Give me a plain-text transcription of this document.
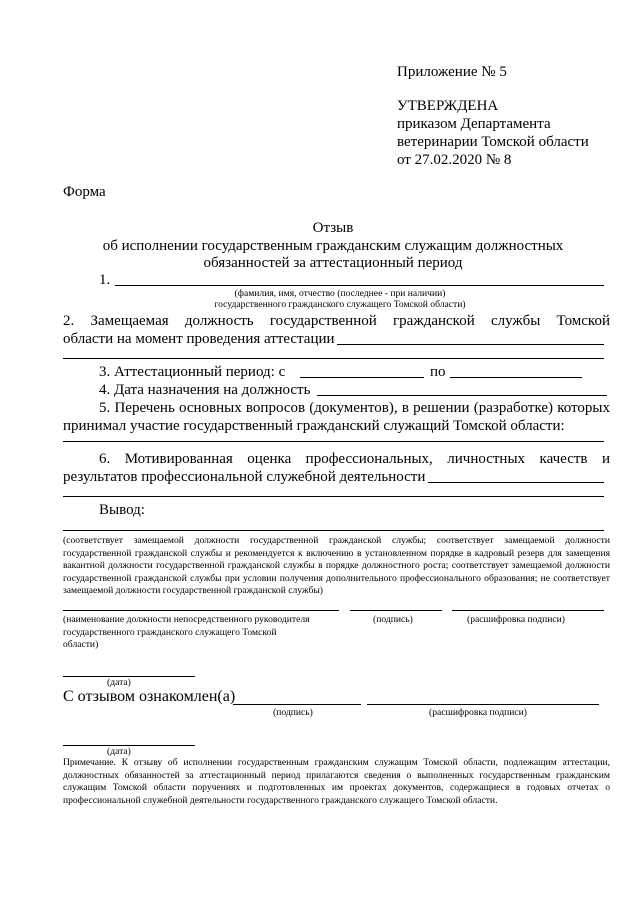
Приложение № 5
УТВЕРЖДЕНА
приказом Департамента
ветеринарии Томской области
от 27.02.2020 № 8
Форма
Отзыв
об исполнении государственным гражданским служащим должностных
обязанностей за аттестационный период
1.
(фамилия, имя, отчество (последнее - при наличии)
государственного гражданского служащего Томской области)
2. Замещаемая должность государственной гражданской службы Томской
области на момент проведения аттестации
3. Аттестационный период: с	по
4. Дата назначения на должность
5. Перечень основных вопросов (документов), в решении (разработке) которых
принимал участие государственный гражданский служащий Томской области:
6. Мотивированная оценка профессиональных, личностных качеств и
результатов профессиональной служебной деятельности
Вывод:
(соответствует замещаемой должности государственной гражданской службы; соответствует замещаемой должности государственной гражданской службы и рекомендуется к включению в установленном порядке в кадровый резерв для замещения вакантной должности государственной гражданской службы в порядке должностного роста; соответствует замещаемой должности государственной гражданской службы при условии получения дополнительного профессионального образования; не соответствует замещаемой должности государственной гражданской службы)
(наименование должности непосредственного руководителя государственного гражданского служащего Томской области)
(подпись)	(расшифровка подписи)
(дата)
С отзывом ознакомлен(а)
(подпись)	(расшифровка подписи)
(дата)
Примечание. К отзыву об исполнении государственным гражданским служащим Томской области, подлежащим аттестации, должностных обязанностей за аттестационный период прилагаются сведения о выполненных государственным гражданским служащим Томской области поручениях и подготовленных им проектах документов, содержащиеся в годовых отчетах о профессиональной служебной деятельности государственного гражданского служащего Томской области.
